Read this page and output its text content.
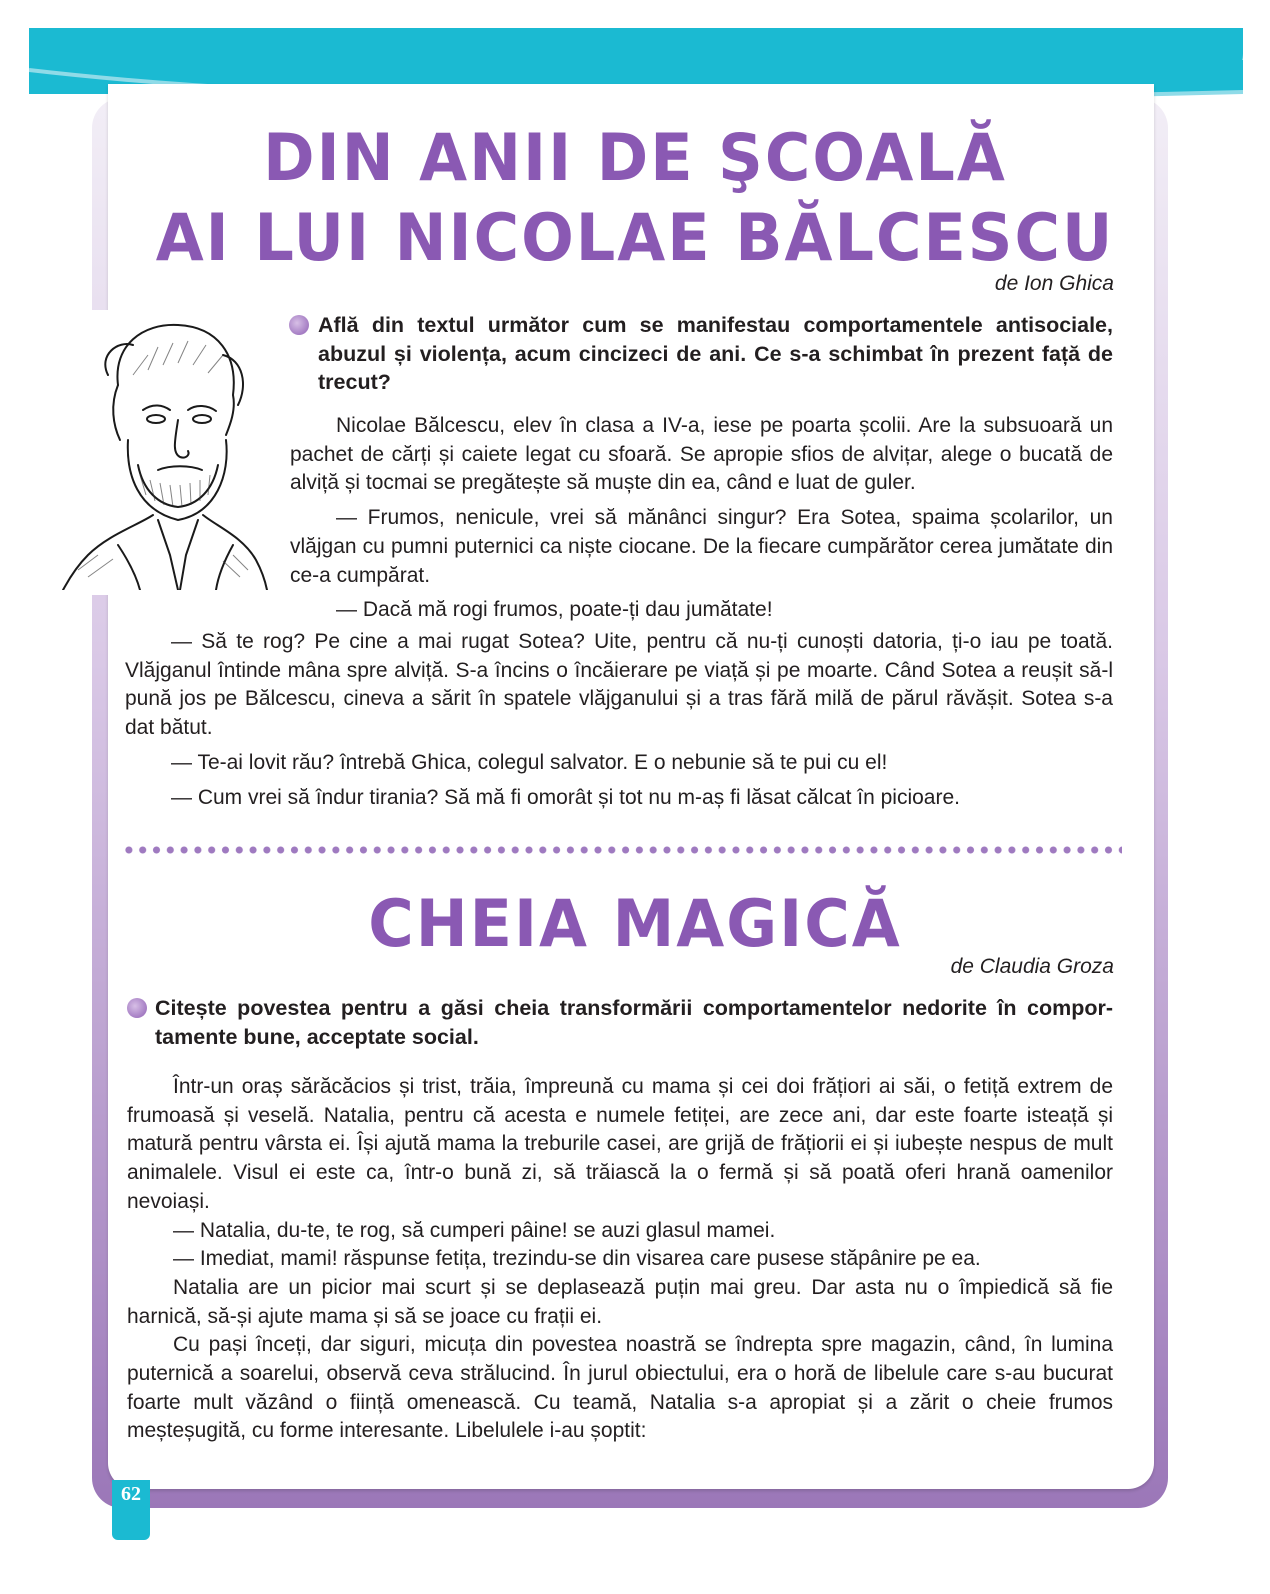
DIN ANII DE ŞCOALĂ
AI LUI NICOLAE BĂLCESCU

de Ion Ghica

Află din textul următor cum se manifestau comportamentele antisociale, abuzul și violența, acum cincizeci de ani. Ce s-a schimbat în prezent față de trecut?

Nicolae Bălcescu, elev în clasa a IV-a, iese pe poarta școlii. Are la subsuoară un pachet de cărți și caiete legat cu sfoară. Se apropie sfios de alvițar, alege o bucată de alviță și tocmai se pregătește să muște din ea, când e luat de guler.

— Frumos, nenicule, vrei să mănânci singur? Era Sotea, spaima școlarilor, un vlăjgan cu pumni puternici ca niște ciocane. De la fiecare cumpărător cerea jumătate din ce-a cumpărat.

— Dacă mă rogi frumos, poate-ți dau jumătate!

— Să te rog? Pe cine a mai rugat Sotea? Uite, pentru că nu-ți cunoști datoria, ți-o iau pe toată. Vlăjganul întinde mâna spre alviță. S-a încins o încăierare pe viață și pe moarte. Când Sotea a reușit să-l pună jos pe Bălcescu, cineva a sărit în spatele vlăjganului și a tras fără milă de părul răvășit. Sotea s-a dat bătut.

— Te-ai lovit rău? întrebă Ghica, colegul salvator. E o nebunie să te pui cu el!

— Cum vrei să îndur tirania? Să mă fi omorât și tot nu m-aș fi lăsat călcat în picioare.

CHEIA MAGICĂ

de Claudia Groza

Citește povestea pentru a găsi cheia transformării comportamentelor nedorite în compor-tamente bune, acceptate social.

Într-un oraș sărăcăcios și trist, trăia, împreună cu mama și cei doi frățiori ai săi, o fetiță extrem de frumoasă și veselă. Natalia, pentru că acesta e numele fetiței, are zece ani, dar este foarte isteață și matură pentru vârsta ei. Își ajută mama la treburile casei, are grijă de frățiorii ei și iubește nespus de mult animalele. Visul ei este ca, într-o bună zi, să trăiască la o fermă și să poată oferi hrană oamenilor nevoiași.

— Natalia, du-te, te rog, să cumperi pâine! se auzi glasul mamei.

— Imediat, mami! răspunse fetița, trezindu-se din visarea care pusese stăpânire pe ea.

Natalia are un picior mai scurt și se deplasează puțin mai greu. Dar asta nu o împiedică să fie harnică, să-și ajute mama și să se joace cu frații ei.

Cu pași înceți, dar siguri, micuța din povestea noastră se îndrepta spre magazin, când, în lumina puternică a soarelui, observă ceva strălucind. În jurul obiectului, era o horă de libelule care s-au bucurat foarte mult văzând o ființă omenească. Cu teamă, Natalia s-a apropiat și a zărit o cheie frumos meșteșugită, cu forme interesante. Libelulele i-au șoptit:

62
